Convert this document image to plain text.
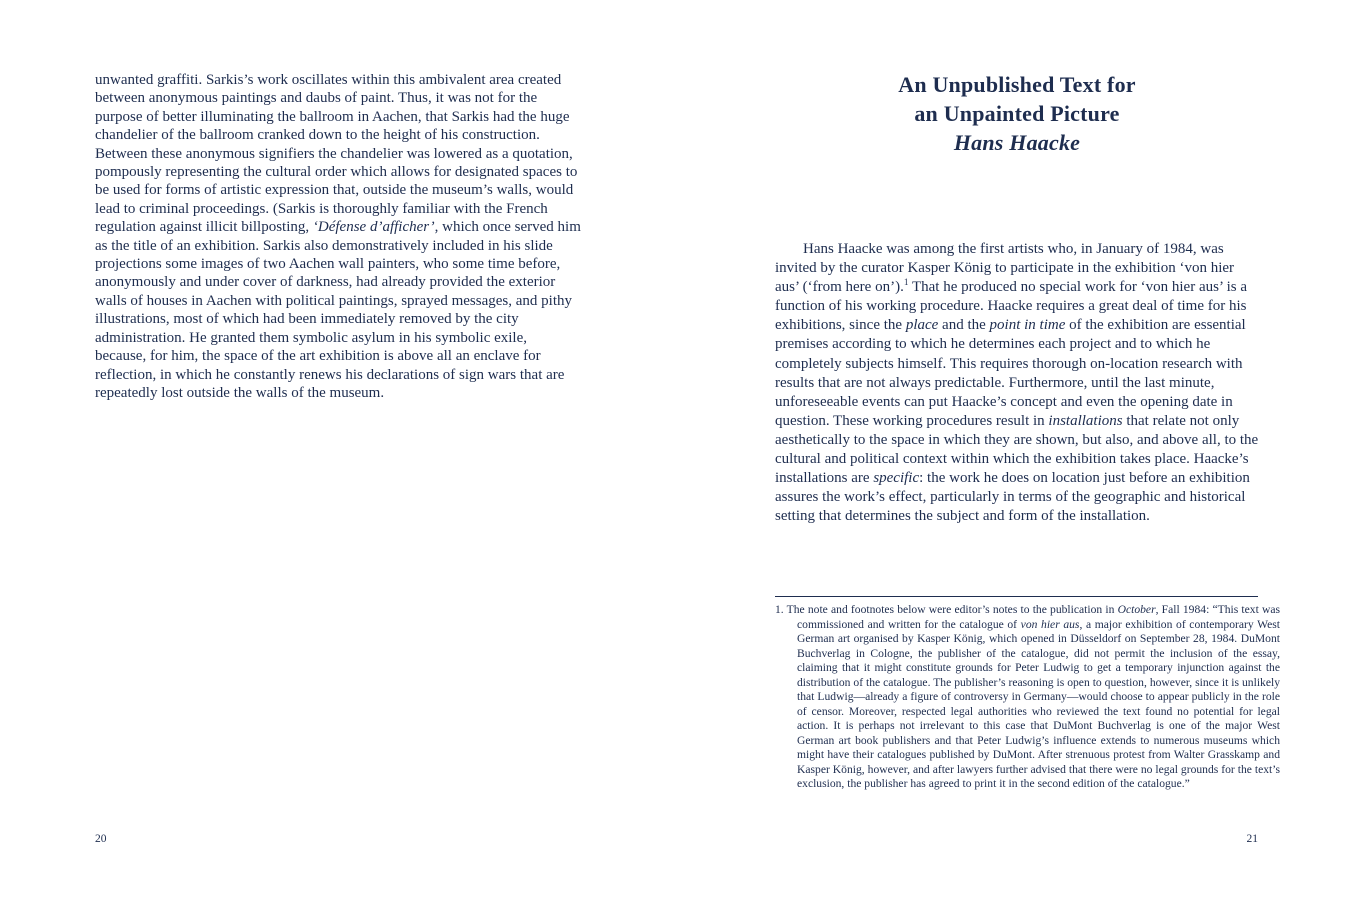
unwanted graffiti. Sarkis’s work oscillates within this ambivalent area created between anonymous paintings and daubs of paint. Thus, it was not for the purpose of better illuminating the ballroom in Aachen, that Sarkis had the huge chandelier of the ballroom cranked down to the height of his construction. Between these anonymous signifiers the chandelier was lowered as a quotation, pompously representing the cultural order which allows for designated spaces to be used for forms of artistic expression that, outside the museum’s walls, would lead to criminal proceedings. (Sarkis is thoroughly familiar with the French regulation against illicit billposting, ‘Défense d’afficher’, which once served him as the title of an exhibition. Sarkis also demonstratively included in his slide projections some images of two Aachen wall painters, who some time before, anonymously and under cover of darkness, had already provided the exterior walls of houses in Aachen with political paintings, sprayed messages, and pithy illustrations, most of which had been immediately removed by the city administration. He granted them symbolic asylum in his symbolic exile, because, for him, the space of the art exhibition is above all an enclave for reflection, in which he constantly renews his declarations of sign wars that are repeatedly lost outside the walls of the museum.

20
An Unpublished Text for
an Unpainted Picture
Hans Haacke

Hans Haacke was among the first artists who, in January of 1984, was invited by the curator Kasper König to participate in the exhibition ‘von hier aus’ (‘from here on’).$^1$ That he produced no special work for ‘von hier aus’ is a function of his working procedure. Haacke requires a great deal of time for his exhibitions, since the place and the point in time of the exhibition are essential premises according to which he determines each project and to which he completely subjects himself. This requires thorough on-location research with results that are not always predictable. Furthermore, until the last minute, unforeseeable events can put Haacke’s concept and even the opening date in question. These working procedures result in installations that relate not only aesthetically to the space in which they are shown, but also, and above all, to the cultural and political context within which the exhibition takes place. Haacke’s installations are specific: the work he does on location just before an exhibition assures the work’s effect, particularly in terms of the geographic and historical setting that determines the subject and form of the installation.

1. The note and footnotes below were editor’s notes to the publication in October, Fall 1984: “This text was commissioned and written for the catalogue of von hier aus, a major exhibition of contemporary West German art organised by Kasper König, which opened in Düsseldorf on September 28, 1984. DuMont Buchverlag in Cologne, the publisher of the catalogue, did not permit the inclusion of the essay, claiming that it might constitute grounds for Peter Ludwig to get a temporary injunction against the distribution of the catalogue. The publisher’s reasoning is open to question, however, since it is unlikely that Ludwig—already a figure of controversy in Germany—would choose to appear publicly in the role of censor. Moreover, respected legal authorities who reviewed the text found no potential for legal action. It is perhaps not irrelevant to this case that DuMont Buchverlag is one of the major West German art book publishers and that Peter Ludwig’s influence extends to numerous museums which might have their catalogues published by DuMont. After strenuous protest from Walter Grasskamp and Kasper König, however, and after lawyers further advised that there were no legal grounds for the text’s exclusion, the publisher has agreed to print it in the second edition of the catalogue.”

21
